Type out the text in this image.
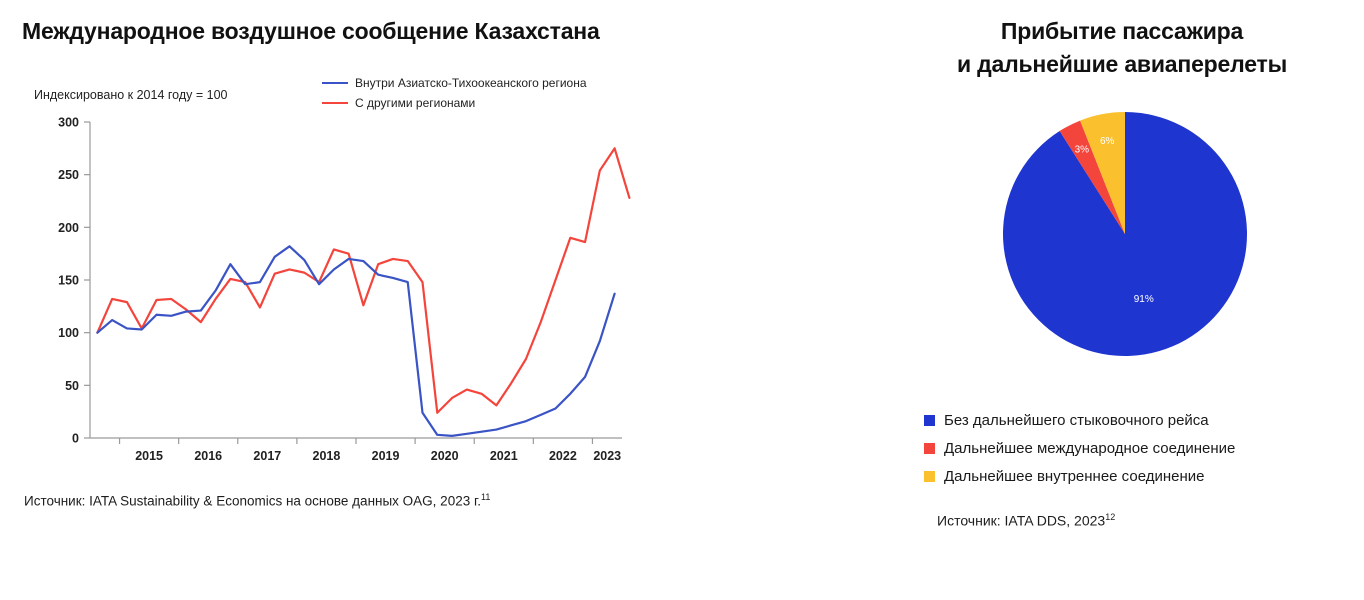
Международное воздушное сообщение Казахстана
Индексировано к 2014 году = 100
Внутри Азиатско-Тихоокеанского региона
С другими регионами
0
50
100
150
200
250
300
2015	2016	2017	2018	2019	2020	2021	2022 2023
Источник: IATA Sustainability & Economics на основе данных OAG, 2023 г.$^{11}$
Прибытие пассажира
и дальнейшие авиаперелеты
91%
3%
6%
Без дальнейшего стыковочного рейса
Дальнейшее международное соединение
Дальнейшее внутреннее соединение
Источник: IATA DDS, 2023$^{12}$
